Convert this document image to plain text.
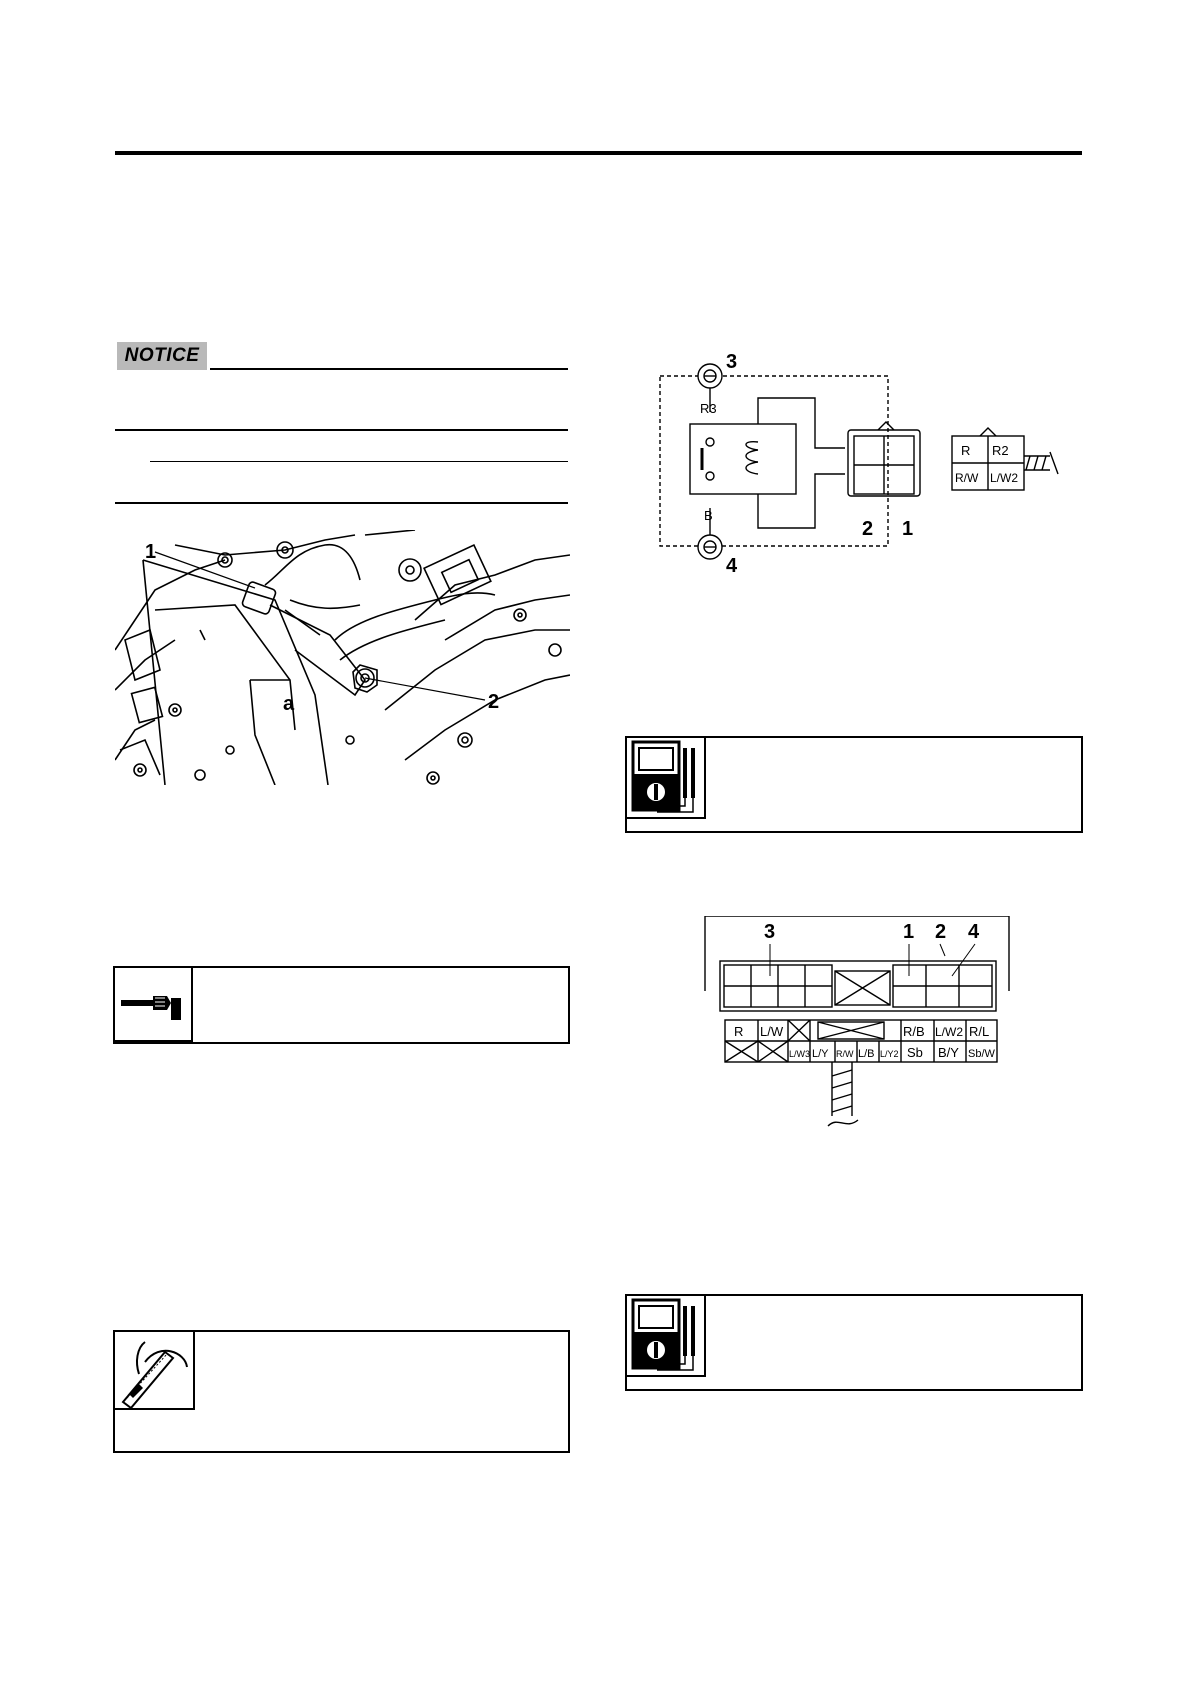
NOTICE
1
2
a
3
4
2 1
R3
B
R R2
R/W L/W2
3	1 2 4
R L/W	R/B L/W2 R/L
L/W3 L/Y R/W L/B L/Y2 Sb B/Y Sb/W
